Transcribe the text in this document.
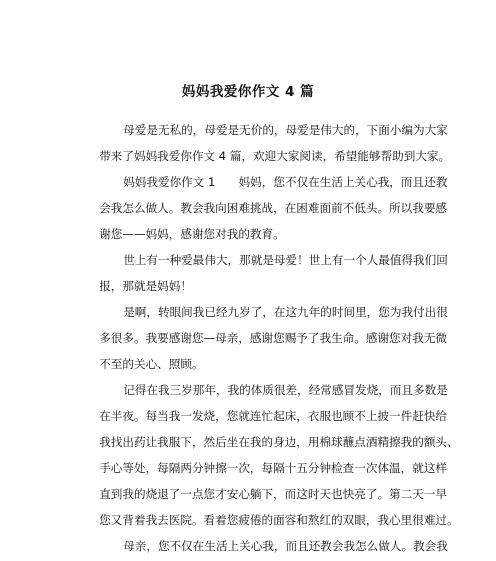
妈妈我爱你作文 4 篇
母爱是无私的，母爱是无价的，母爱是伟大的，下面小编为大家
带来了妈妈我爱你作文 4 篇，欢迎大家阅读，希望能够帮助到大家。
妈妈我爱你作文 1　　妈妈，您不仅在生活上关心我，而且还教
会我怎么做人。教会我向困难挑战，在困难面前不低头。所以我要感
谢您——妈妈，感谢您对我的教育。
世上有一种爱最伟大，那就是母爱！世上有一个人最值得我们回
报，那就是妈妈！
是啊，转眼间我已经九岁了，在这九年的时间里，您为我付出很
多很多。我要感谢您—母亲，感谢您赐予了我生命。感谢您对我无微
不至的关心、照顾。
记得在我三岁那年，我的体质很差，经常感冒发烧，而且多数是
在半夜。每当我一发烧，您就连忙起床，衣服也顾不上披一件赶快给
我找出药让我服下，然后坐在我的身边，用棉球蘸点酒精擦我的额头、
手心等处，每隔两分钟擦一次，每隔十五分钟检查一次体温，就这样
直到我的烧退了一点您才安心躺下，而这时天也快亮了。第二天一早
您又背着我去医院。看着您疲倦的面容和熬红的双眼，我心里很难过。
母亲，您不仅在生活上关心我，而且还教会我怎么做人。教会我
